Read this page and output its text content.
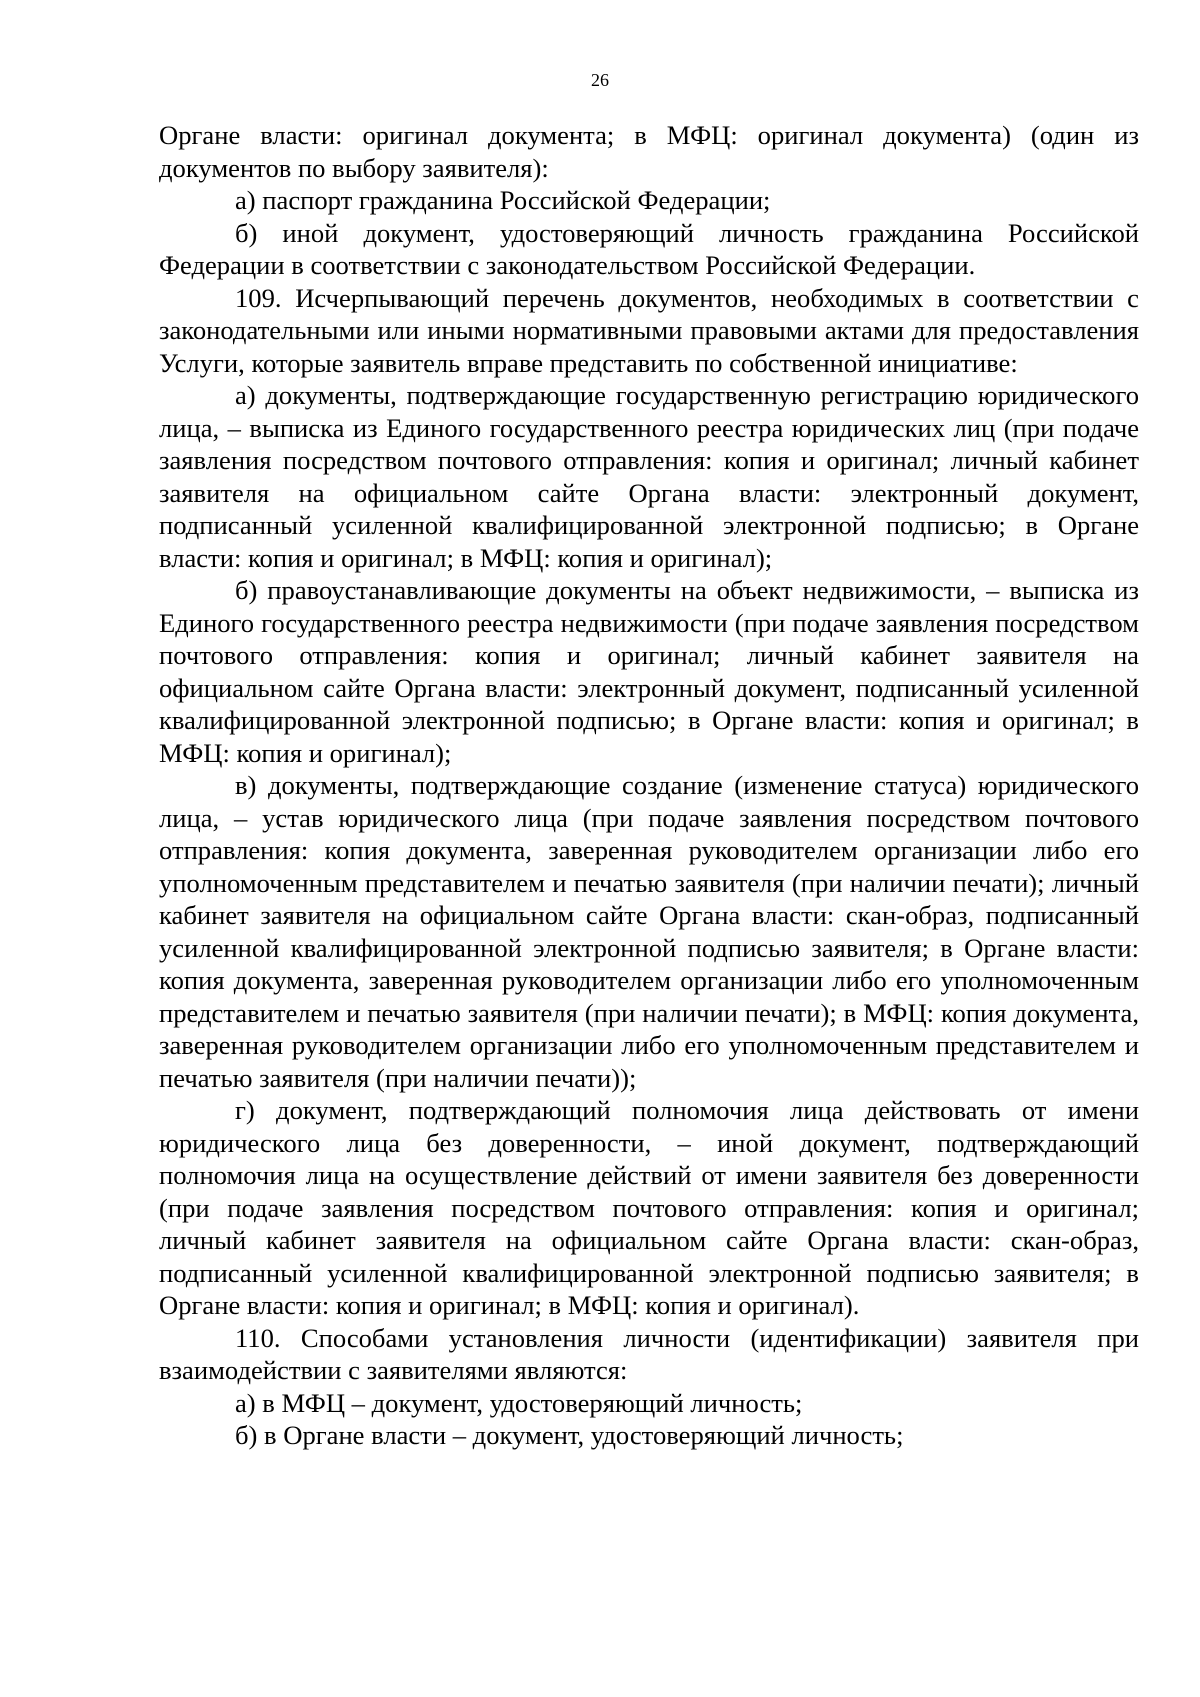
26

Органе власти: оригинал документа; в МФЦ: оригинал документа) (один из документов по выбору заявителя):

а) паспорт гражданина Российской Федерации;

б) иной документ, удостоверяющий личность гражданина Российской Федерации в соответствии с законодательством Российской Федерации.

109. Исчерпывающий перечень документов, необходимых в соответствии с законодательными или иными нормативными правовыми актами для предоставления Услуги, которые заявитель вправе представить по собственной инициативе:

а) документы, подтверждающие государственную регистрацию юридического лица, – выписка из Единого государственного реестра юридических лиц (при подаче заявления посредством почтового отправления: копия и оригинал; личный кабинет заявителя на официальном сайте Органа власти: электронный документ, подписанный усиленной квалифицированной электронной подписью; в Органе власти: копия и оригинал; в МФЦ: копия и оригинал);

б) правоустанавливающие документы на объект недвижимости, – выписка из Единого государственного реестра недвижимости (при подаче заявления посредством почтового отправления: копия и оригинал; личный кабинет заявителя на официальном сайте Органа власти: электронный документ, подписанный усиленной квалифицированной электронной подписью; в Органе власти: копия и оригинал; в МФЦ: копия и оригинал);

в) документы, подтверждающие создание (изменение статуса) юридического лица, – устав юридического лица (при подаче заявления посредством почтового отправления: копия документа, заверенная руководителем организации либо его уполномоченным представителем и печатью заявителя (при наличии печати); личный кабинет заявителя на официальном сайте Органа власти: скан-образ, подписанный усиленной квалифицированной электронной подписью заявителя; в Органе власти: копия документа, заверенная руководителем организации либо его уполномоченным представителем и печатью заявителя (при наличии печати); в МФЦ: копия документа, заверенная руководителем организации либо его уполномоченным представителем и печатью заявителя (при наличии печати));

г) документ, подтверждающий полномочия лица действовать от имени юридического лица без доверенности, – иной документ, подтверждающий полномочия лица на осуществление действий от имени заявителя без доверенности (при подаче заявления посредством почтового отправления: копия и оригинал; личный кабинет заявителя на официальном сайте Органа власти: скан-образ, подписанный усиленной квалифицированной электронной подписью заявителя; в Органе власти: копия и оригинал; в МФЦ: копия и оригинал).

110. Способами установления личности (идентификации) заявителя при взаимодействии с заявителями являются:

а) в МФЦ – документ, удостоверяющий личность;

б) в Органе власти – документ, удостоверяющий личность;
